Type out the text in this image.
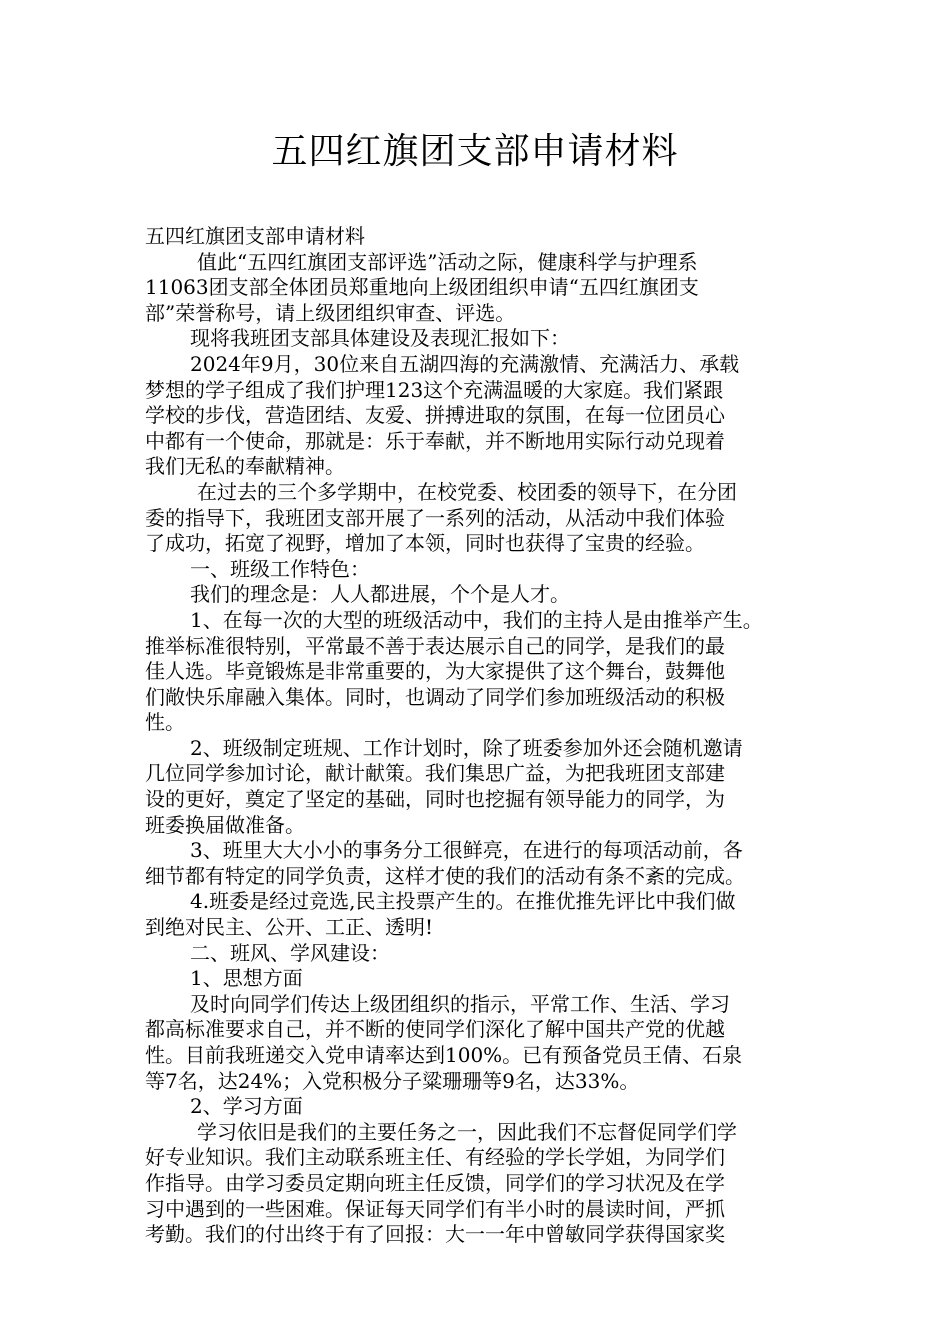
五四红旗团支部申请材料
五四红旗团支部申请材料
值此“五四红旗团支部评选”活动之际，健康科学与护理系
11063团支部全体团员郑重地向上级团组织申请“五四红旗团支
部”荣誉称号，请上级团组织审查、评选。
现将我班团支部具体建设及表现汇报如下：
2024年9月，30位来自五湖四海的充满激情、充满活力、承载
梦想的学子组成了我们护理123这个充满温暖的大家庭。我们紧跟
学校的步伐，营造团结、友爱、拼搏进取的氛围，在每一位团员心
中都有一个使命，那就是：乐于奉献，并不断地用实际行动兑现着
我们无私的奉献精神。
在过去的三个多学期中，在校党委、校团委的领导下，在分团
委的指导下，我班团支部开展了一系列的活动，从活动中我们体验
了成功，拓宽了视野，增加了本领，同时也获得了宝贵的经验。
一、班级工作特色：
我们的理念是：人人都进展，个个是人才。
1、在每一次的大型的班级活动中，我们的主持人是由推举产生。
推举标准很特别，平常最不善于表达展示自己的同学，是我们的最
佳人选。毕竟锻炼是非常重要的，为大家提供了这个舞台，鼓舞他
们敞快乐扉融入集体。同时，也调动了同学们参加班级活动的积极
性。
2、班级制定班规、工作计划时，除了班委参加外还会随机邀请
几位同学参加讨论，献计献策。我们集思广益，为把我班团支部建
设的更好，奠定了坚定的基础，同时也挖掘有领导能力的同学，为
班委换届做准备。
3、班里大大小小的事务分工很鲜亮，在进行的每项活动前，各
细节都有特定的同学负责，这样才使的我们的活动有条不紊的完成。
4.班委是经过竞选,民主投票产生的。在推优推先评比中我们做
到绝对民主、公开、工正、透明!
二、班风、学风建设：
1、思想方面
及时向同学们传达上级团组织的指示，平常工作、生活、学习
都高标准要求自己，并不断的使同学们深化了解中国共产党的优越
性。目前我班递交入党申请率达到100%。已有预备党员王倩、石泉
等7名，达24%；入党积极分子粱珊珊等9名，达33%。
2、学习方面
学习依旧是我们的主要任务之一，因此我们不忘督促同学们学
好专业知识。我们主动联系班主任、有经验的学长学姐，为同学们
作指导。由学习委员定期向班主任反馈，同学们的学习状况及在学
习中遇到的一些困难。保证每天同学们有半小时的晨读时间，严抓
考勤。我们的付出终于有了回报：大一一年中曾敏同学获得国家奖
